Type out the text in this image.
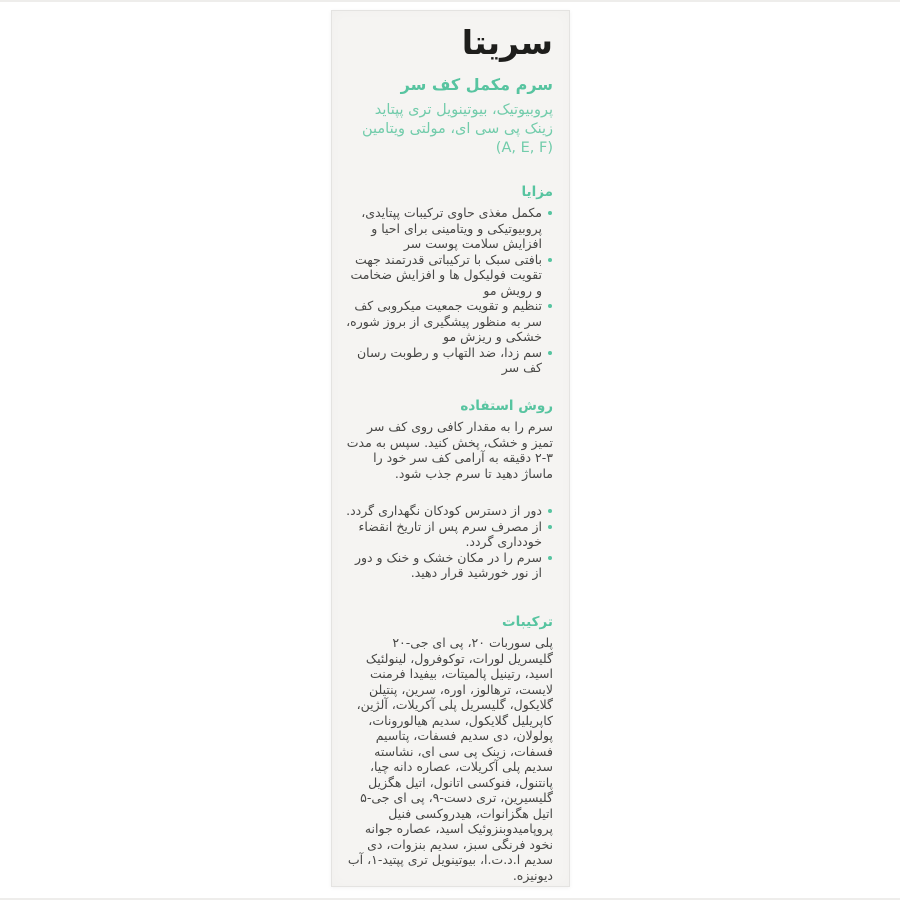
سریتا
سرم مکمل کف سر
پروبیوتیک، بیوتینویل تری پپتاید
زینک پی سی ای، مولتی ویتامین
(A, E, F)
مزایا
مکمل مغذی حاوی ترکیبات پپتایدی، پروبیوتیکی و ویتامینی برای احیا و افزایش سلامت پوست سر
بافتی سبک با ترکیباتی قدرتمند جهت تقویت فولیکول ها و افزایش ضخامت و رویش مو
تنظیم و تقویت جمعیت میکروبی کف سر به منظور پیشگیری از بروز شوره، خشکی و ریزش مو
سم زدا، ضد التهاب و رطوبت رسان کف سر
روش استفاده

سرم را به مقدار کافی روی کف سر تمیز و خشک، پخش کنید. سپس به مدت ۳-۲ دقیقه به آرامی کف سر خود را ماساژ دهید تا سرم جذب شود.

دور از دسترس کودکان نگهداری گردد.
از مصرف سرم پس از تاریخ انقضاء خودداری گردد.
سرم را در مکان خشک و خنک و دور از نور خورشید قرار دهید.
ترکیبات

پلی سوربات ۲۰، پی ای جی-۲۰ گلیسریل لورات، توکوفرول، لینولئیک اسید، رتینیل پالمیتات، بیفیدا فرمنت لایست، ترهالوز، اوره، سرین، پنتیلن گلایکول، گلیسریل پلی آکریلات، آلژین، کاپریلیل گلایکول، سدیم هیالورونات، پولولان، دی سدیم فسفات، پتاسیم فسفات، زینک پی سی ای، نشاسته سدیم پلی آکریلات، عصاره دانه چیا، پانتنول، فنوکسی اتانول، اتیل هگزیل گلیسیرین، تری دست-۹، پی ای جی-۵ اتیل هگزانوات، هیدروکسی فنیل پروپامیدوبنزوئیک اسید، عصاره جوانه نخود فرنگی سبز، سدیم بنزوات، دی سدیم ا.د.ت.ا، بیوتینویل تری پپتید-۱، آب دیونیزه.
